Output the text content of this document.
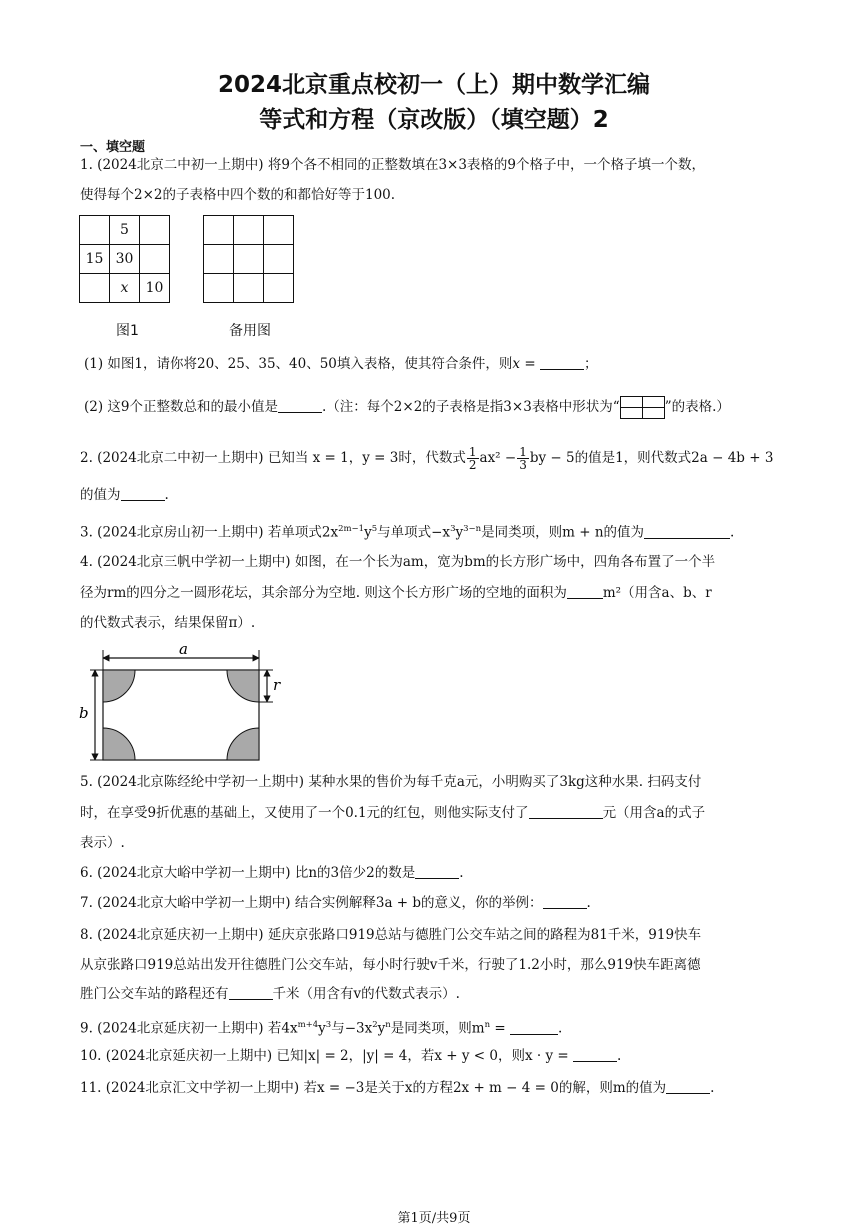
2024北京重点校初一（上）期中数学汇编
等式和方程（京改版）（填空题）2
一、填空题
1. (2024北京二中初一上期中) 将9个各不相同的正整数填在3×3表格的9个格子中，一个格子填一个数，
使得每个2×2的子表格中四个数的和都恰好等于100.
	5	
15	30	
	x	10

图1	备用图
(1) 如图1，请你将20、25、35、40、50填入表格，使其符合条件，则x =	；
(2) 这9个正整数总和的最小值是	.（注：每个2×2的子表格是指3×3表格中形状为“

		”的表格.）
2. (2024北京二中初一上期中) 已知当 x = 1，y = 3时，代数式 $\frac{1}{2} ax^2 - \frac{1}{3}$ by − 5的值是1，则代数式2a − 4b + 3
的值为	.
3. (2024北京房山初一上期中) 若单项式$2x^{2m-1}y^5$与单项式$-x^3y^{3-n}$是同类项，则m + n的值为	.
4. (2024北京三帆中学初一上期中) 如图，在一个长为am，宽为bm的长方形广场中，四角各布置了一个半
径为rm的四分之一圆形花坛，其余部分为空地. 则这个长方形广场的空地的面积为	m²（用含a、b、r
的代数式表示，结果保留π）.
a
b
r
5. (2024北京陈经纶中学初一上期中) 某种水果的售价为每千克a元，小明购买了3kg这种水果. 扫码支付
时，在享受9折优惠的基础上，又使用了一个0.1元的红包，则他实际支付了	元（用含a的式子
表示）.
6. (2024北京大峪中学初一上期中) 比n的3倍少2的数是	.
7. (2024北京大峪中学初一上期中) 结合实例解释3a + b的意义，你的举例：	.
8. (2024北京延庆初一上期中) 延庆京张路口919总站与德胜门公交车站之间的路程为81千米，919快车
从京张路口919总站出发开往德胜门公交车站，每小时行驶v千米，行驶了1.2小时，那么919快车距离德
胜门公交车站的路程还有	千米（用含有v的代数式表示）.
9. (2024北京延庆初一上期中) 若$4x^{m+4}y^3$与$-3x^2y^n$是同类项，则$m^n$ =	.
10. (2024北京延庆初一上期中) 已知|x| = 2，|y| = 4，若x + y < 0，则x · y =	.
11. (2024北京汇文中学初一上期中) 若x = −3是关于x的方程2x + m − 4 = 0的解，则m的值为	.
第1页/共9页
